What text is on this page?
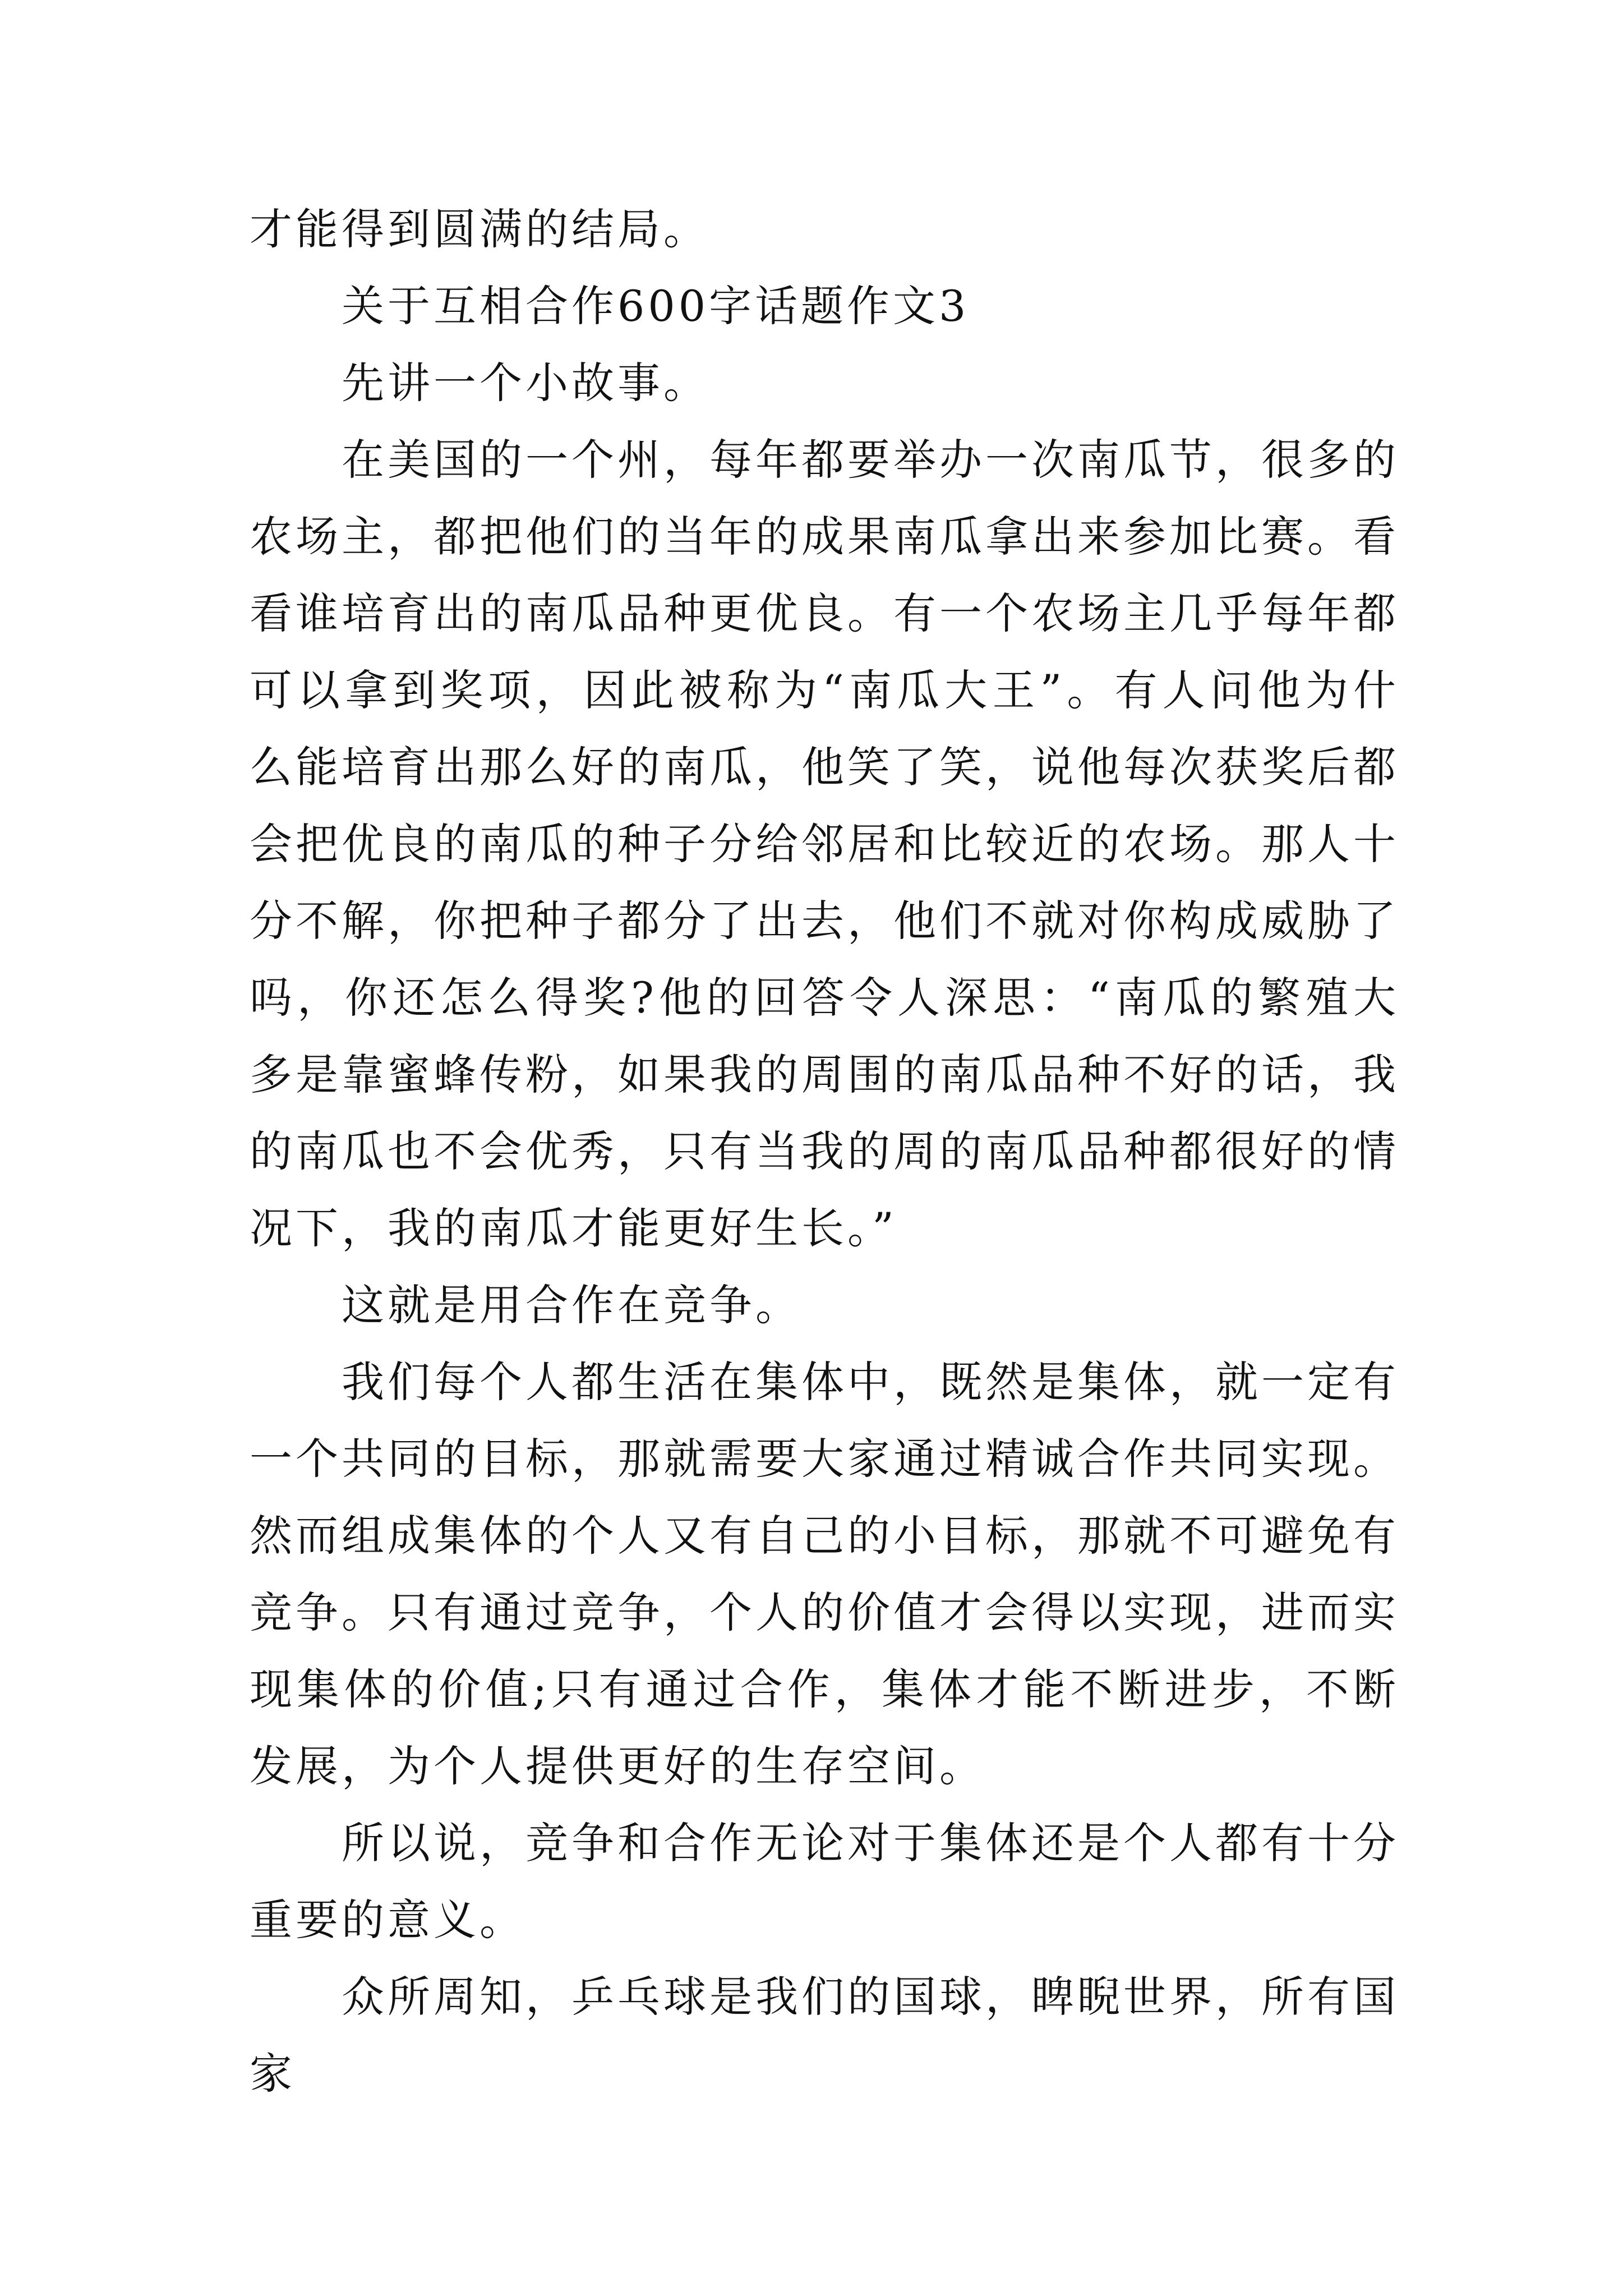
才能得到圆满的结局。

关于互相合作600字话题作文3

先讲一个小故事。

在美国的一个州，每年都要举办一次南瓜节，很多的农场主，都把他们的当年的成果南瓜拿出来参加比赛。看看谁培育出的南瓜品种更优良。有一个农场主几乎每年都可以拿到奖项，因此被称为“南瓜大王”。有人问他为什么能培育出那么好的南瓜，他笑了笑，说他每次获奖后都会把优良的南瓜的种子分给邻居和比较近的农场。那人十分不解，你把种子都分了出去，他们不就对你构成威胁了吗，你还怎么得奖?他的回答令人深思：“南瓜的繁殖大多是靠蜜蜂传粉，如果我的周围的南瓜品种不好的话，我的南瓜也不会优秀，只有当我的周的南瓜品种都很好的情况下，我的南瓜才能更好生长。”

这就是用合作在竞争。

我们每个人都生活在集体中，既然是集体，就一定有一个共同的目标，那就需要大家通过精诚合作共同实现。然而组成集体的个人又有自己的小目标，那就不可避免有竞争。只有通过竞争，个人的价值才会得以实现，进而实现集体的价值;只有通过合作，集体才能不断进步，不断发展，为个人提供更好的生存空间。

所以说，竞争和合作无论对于集体还是个人都有十分重要的意义。

众所周知，乒乓球是我们的国球，睥睨世界，所有国家
